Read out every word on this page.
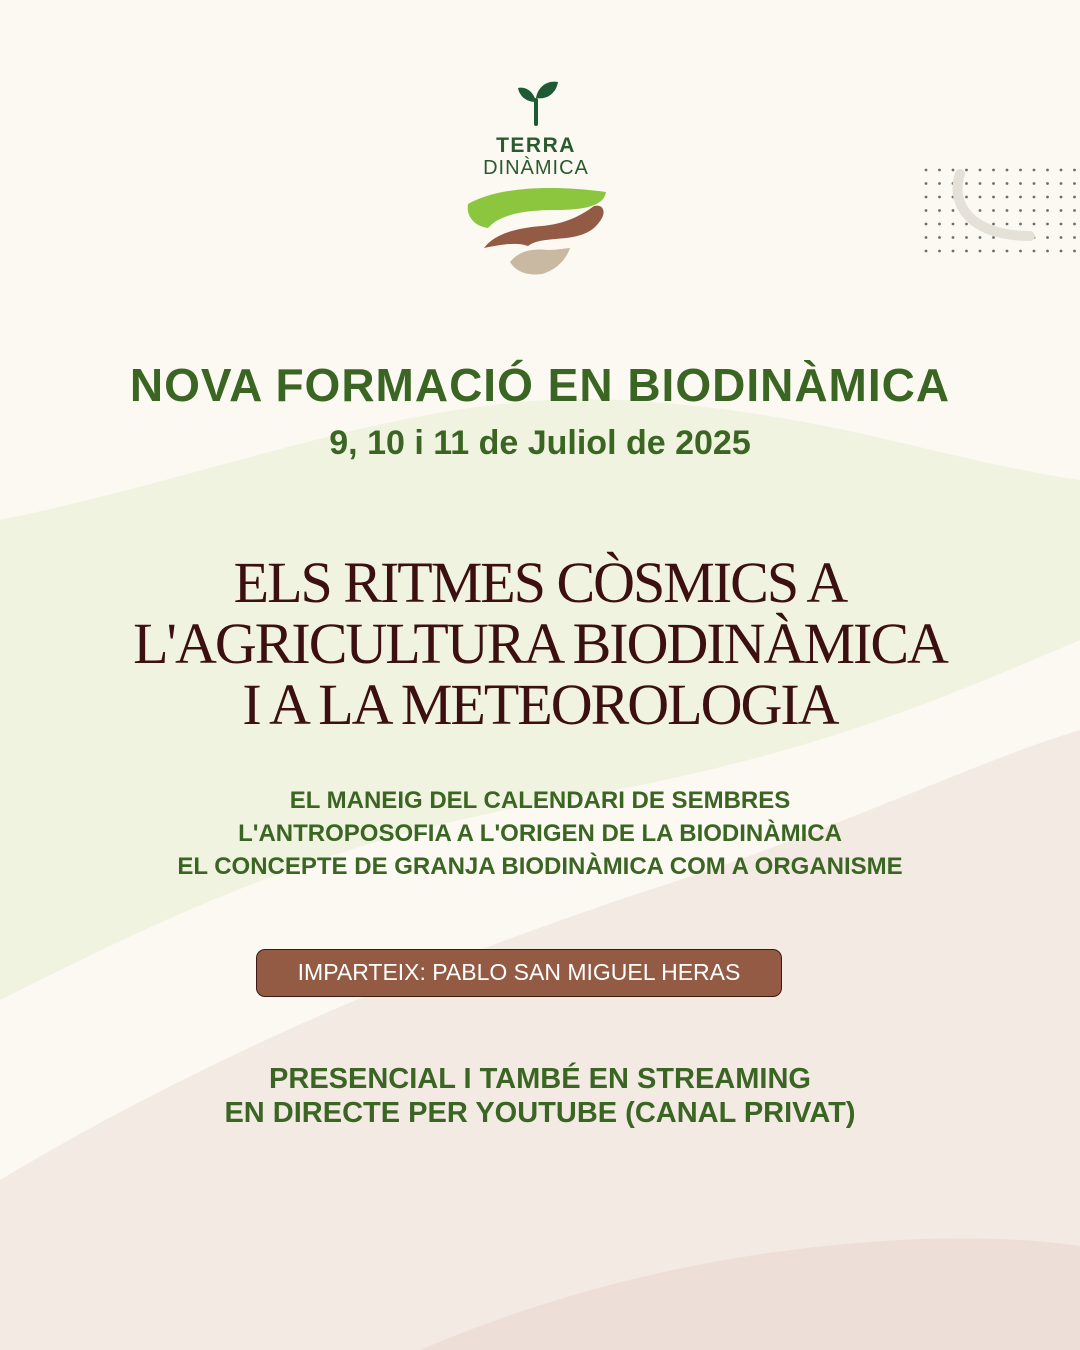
TERRA
DINÀMICA
NOVA FORMACIÓ EN BIODINÀMICA
9, 10 i 11 de Juliol de 2025
ELS RITMES CÒSMICS A
L'AGRICULTURA BIODINÀMICA
I A LA METEOROLOGIA
EL MANEIG DEL CALENDARI DE SEMBRES
L'ANTROPOSOFIA A L'ORIGEN DE LA BIODINÀMICA
EL CONCEPTE DE GRANJA BIODINÀMICA COM A ORGANISME
IMPARTEIX: PABLO SAN MIGUEL HERAS
PRESENCIAL I TAMBÉ EN STREAMING
EN DIRECTE PER YOUTUBE (CANAL PRIVAT)
